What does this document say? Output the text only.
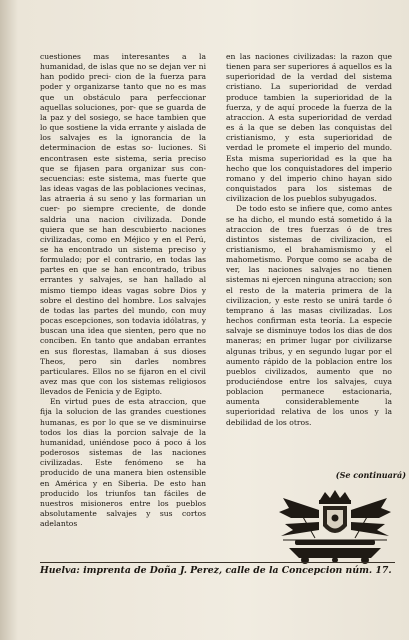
cuestiones mas interesantes a la humanidad, de islas que no se dejan ver ni han podido preci- cion de la fuerza para poder y organizarse tanto que no es mas que un obstáculo para perfeccionar aquellas soluciones, por- que se guarda de la paz y del sosiego, se hace tambien que lo que sostiene la vida errante y aislada de los salvajes es la ignorancia de la determinacion de estas so- luciones. Si encontrasen este sistema, seria preciso que se fijasen para organizar sus con- secuencias: este sistema, mas fuerte que las ideas vagas de las poblaciones vecinas, las atraeria á su seno y las formarian un cuer- po siempre creciente, de donde saldria una nacion civilizada. Donde quiera que se han descubierto naciones civilizadas, como en Méjico y en el Perú, se ha encontrado un sistema preciso y formulado; por el contrario, en todas las partes en que se han encontrado, tribus errantes y salvajes, se han hallado al mismo tiempo ideas vagas sobre Dios y sobre el destino del hombre. Los salvajes de todas las partes del mundo, con muy pocas escepciones, son todavia idólatras, y buscan una idea que sienten, pero que no conciben. En tanto que andaban errantes en sus florestas, llamaban á sus dioses Theos, pero sin darles nombres particulares. Ellos no se fijaron en el civil avez mas que con los sistemas religiosos llevados de Fenicia y de Egipto.

En virtud pues de esta atraccion, que fija la solucion de las grandes cuestiones humanas, es por lo que se ve disminuirse todos los dias la porcion salvaje de la humanidad, uniéndose poco á poco á los poderosos sistemas de las naciones civilizadas. Este fenómeno se ha producido de una manera bien ostensible en América y en Siberia. De esto han producido los triunfos tan fáciles de nuestros misioneros entre los pueblos absolutamente salvajes y sus cortos adelantos

en las naciones civilizadas: la razon que tienen para ser superiores á aquellos es la superioridad de la verdad del sistema cristiano. La superioridad de verdad produce tambien la superioridad de la fuerza, y de aquí procede la fuerza de la atraccion. A esta superioridad de verdad es á la que se deben las conquistas del cristianismo, y esta superioridad de verdad le promete el imperio del mundo. Esta misma superioridad es la que ha hecho que los conquistadores del imperio romano y del imperio chino hayan sido conquistados para los sistemas de civilizacion de los pueblos subyugados.

De todo esto se infiere que, como antes se ha dicho, el mundo está sometido á la atraccion de tres fuerzas ó de tres distintos sistemas de civilizacion, el cristianismo, el brahamismismo y el mahometismo. Porque como se acaba de ver, las naciones salvajes no tienen sistemas ni ejercen ninguna atraccion; son el resto de la materia primera de la civilizacion, y este resto se unirá tarde ó temprano á las masas civilizadas. Los hechos confirman esta teoría. La especie salvaje se disminuye todos los dias de dos maneras; en primer lugar por civilizarse algunas tribus, y en segundo lugar por el aumento rápido de la poblacion entre los pueblos civilizados, aumento que no produciéndose entre los salvajes, cuya poblacion permanece estacionaria, aumenta considerablemente la superioridad relativa de los unos y la debilidad de los otros.

(Se continuará)
Huelva: imprenta de Doña J. Perez, calle de la Concepcion núm. 17.
